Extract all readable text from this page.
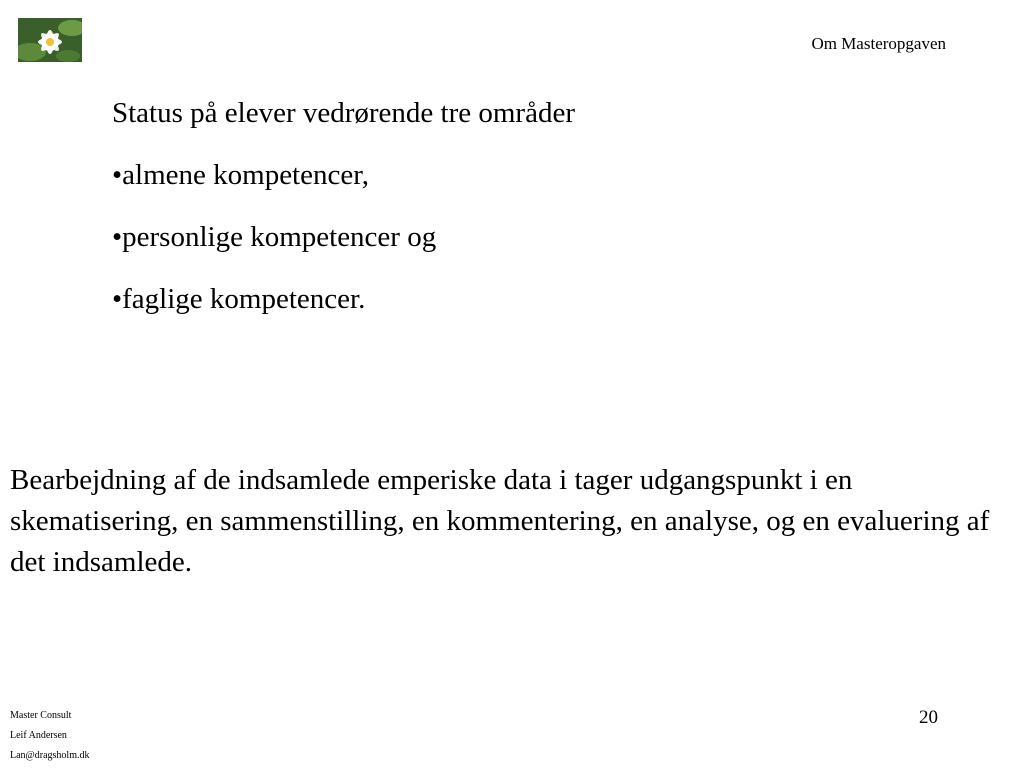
Om Masteropgaven
Status på elever vedrørende tre områder
•almene kompetencer,
•personlige kompetencer og
•faglige kompetencer.
Bearbejdning af de indsamlede emperiske data i tager udgangspunkt i en skematisering, en sammenstilling, en kommentering, en analyse, og en evaluering af det indsamlede.
Master Consult
Leif Andersen
Lan@dragsholm.dk
20
